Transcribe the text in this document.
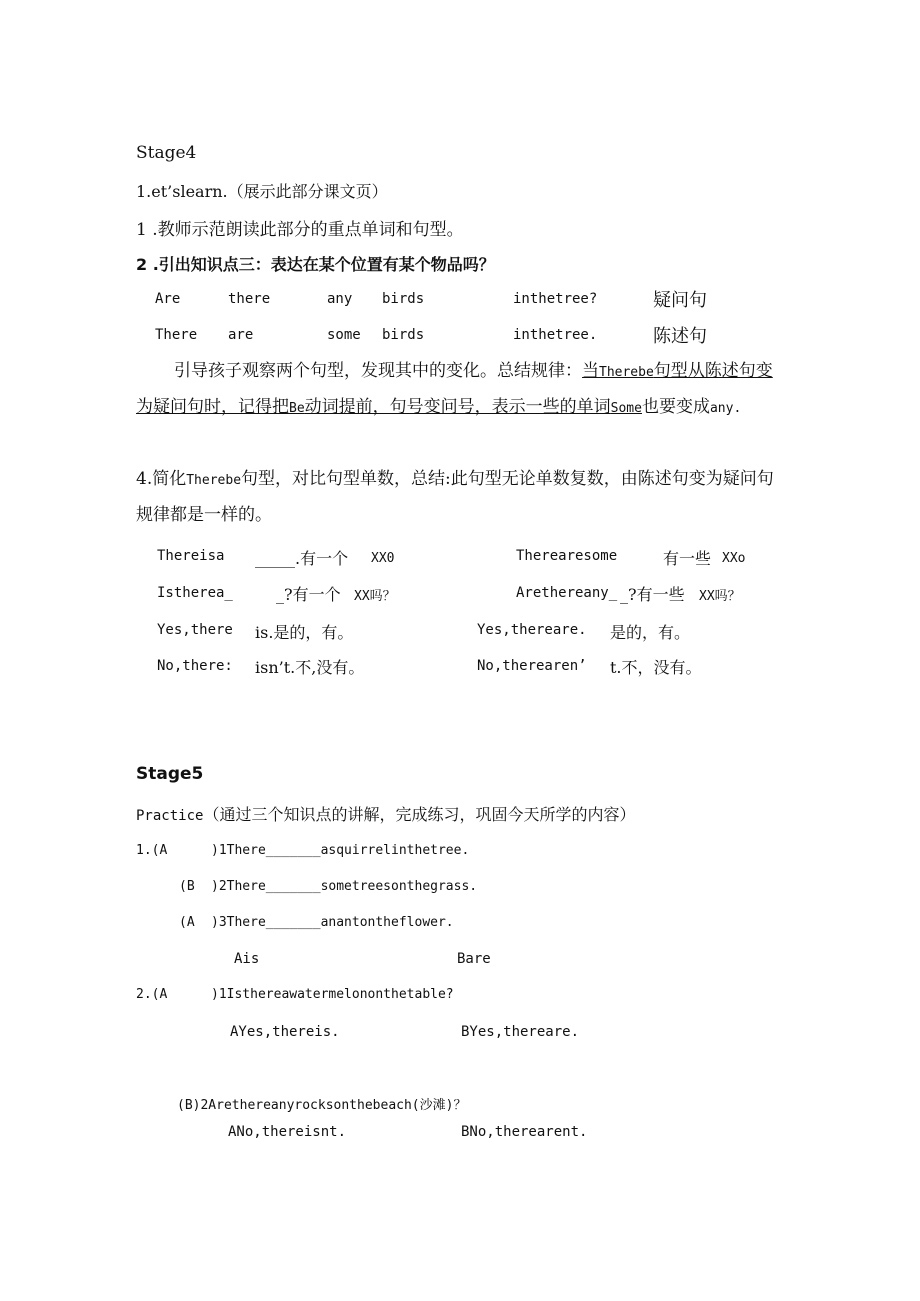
Stage4
1.et’slearn.（展示此部分课文页）
1 .教师示范朗读此部分的重点单词和句型。
2 .引出知识点三：表达在某个位置有某个物品吗？
Are	there	any birds	inthetree?	疑问句
There are	some birds	inthetree.	陈述句
引导孩子观察两个句型，发现其中的变化。总结规律：当Therebe句型从陈述句变为疑问句时，记得把Be动词提前，句号变问号，表示一些的单词Some也要变成any.
4.简化Therebe句型，对比句型单数，总结:此句型无论单数复数，由陈述句变为疑问句规律都是一样的。
Thereisa _____.有一个 XX0	Therearesome	有一些 XXo
Istherea_	_?有一个 XX吗？	Arethereany_ _?有一些 XX吗？
Yes,there is.是的，有。	Yes,thereare. 是的，有。
No,there: isn’t.不,没有。	No,therearen’ t.不，没有。
Stage5
Practice（通过三个知识点的讲解，完成练习，巩固今天所学的内容）
1.(A	)1There_______asquirrelinthetree.
(B )2There_______sometreesonthegrass.
(A )3There_______anantontheflower.
Ais	Bare
2.(A	)1Isthereawatermelononthetable?
AYes,thereis.	BYes,thereare.
(B)2Arethereanyrocksonthebeach(沙滩)？
ANo,thereisnt.	BNo,therearent.
